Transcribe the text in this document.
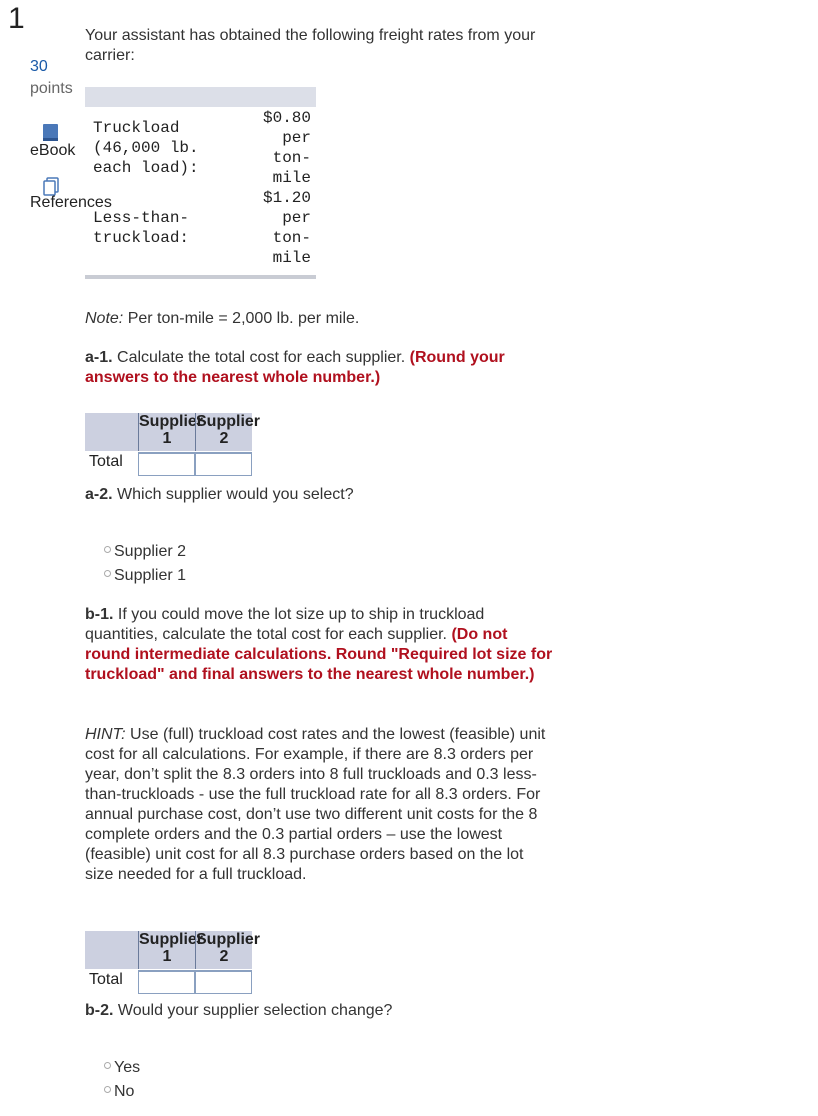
1
30
points
eBook
References
Your assistant has obtained the following freight rates from your carrier:
Truckload (46,000 lb. each load):
$0.80 per ton-mile
Less-than-truckload:
$1.20 per ton-mile
Note: Per ton-mile = 2,000 lb. per mile.
a-1. Calculate the total cost for each supplier. (Round your answers to the nearest whole number.)
Supplier 1
Supplier 2
Total
a-2. Which supplier would you select?
Supplier 2
Supplier 1
b-1. If you could move the lot size up to ship in truckload quantities, calculate the total cost for each supplier. (Do not round intermediate calculations. Round "Required lot size for truckload" and final answers to the nearest whole number.)
HINT: Use (full) truckload cost rates and the lowest (feasible) unit cost for all calculations. For example, if there are 8.3 orders per year, don’t split the 8.3 orders into 8 full truckloads and 0.3 less-than-truckloads - use the full truckload rate for all 8.3 orders. For annual purchase cost, don’t use two different unit costs for the 8 complete orders and the 0.3 partial orders – use the lowest (feasible) unit cost for all 8.3 purchase orders based on the lot size needed for a full truckload.
Supplier 1
Supplier 2
Total
b-2. Would your supplier selection change?
Yes
No
